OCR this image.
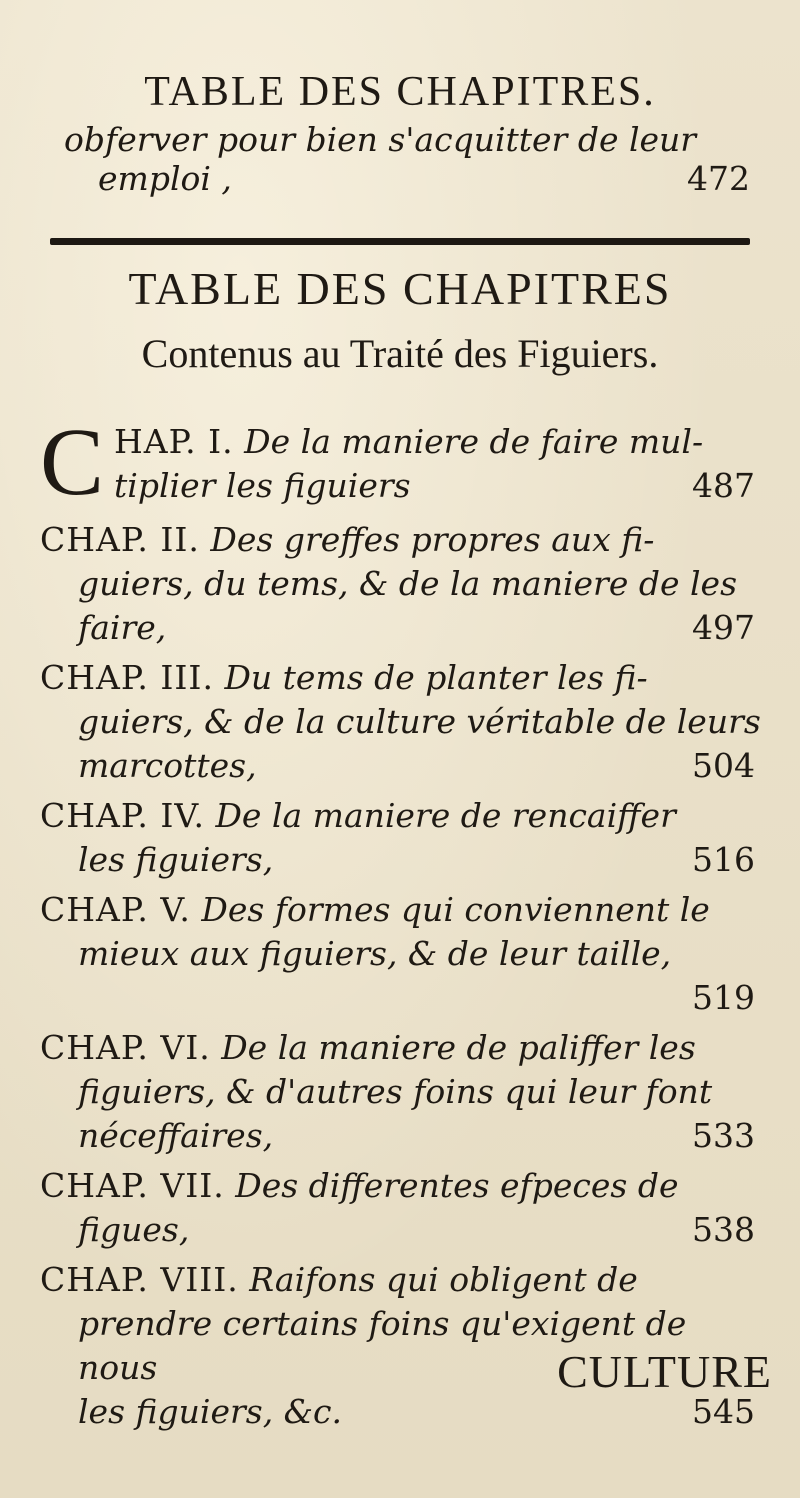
TABLE DES CHAPITRES.
obferver pour bien s'acquitter de leur
emploi ,	472
TABLE DES CHAPITRES
Contenus au Traité des Figuiers.
C HAP. I. De la maniere de faire mul-
tiplier les figuiers	487
CHAP. II. Des greffes propres aux fi-
guiers, du tems, & de la maniere de les
faire,	497
CHAP. III. Du tems de planter les fi-
guiers, & de la culture véritable de leurs
marcottes,	504
CHAP. IV. De la maniere de rencaiffer
les figuiers,	516
CHAP. V. Des formes qui conviennent le
mieux aux figuiers, & de leur taille,
519
CHAP. VI. De la maniere de paliffer les
figuiers, & d'autres foins qui leur font
néceffaires,	533
CHAP. VII. Des differentes efpeces de
figues,	538
CHAP. VIII. Raifons qui obligent de
prendre certains foins qu'exigent de nous
les figuiers, &c.	545
CULTURE
